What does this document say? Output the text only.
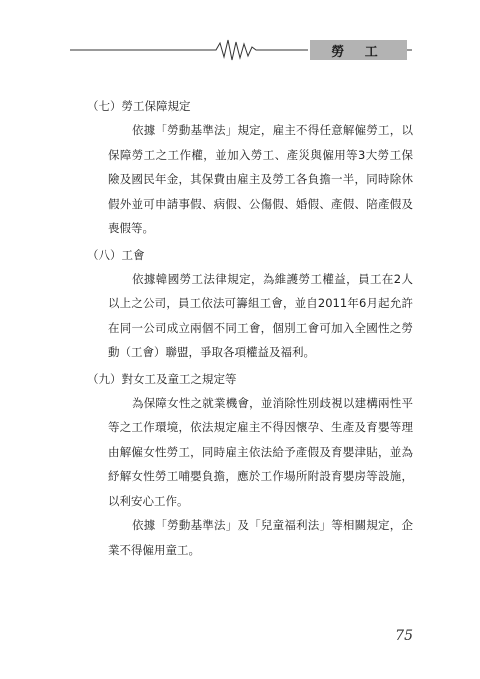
勞 工
（七）勞工保障規定

依據「勞動基準法」規定，雇主不得任意解僱勞工，以保障勞工之工作權，並加入勞工、產災與僱用等3大勞工保險及國民年金，其保費由雇主及勞工各負擔一半，同時除休假外並可申請事假、病假、公傷假、婚假、產假、陪產假及喪假等。

（八）工會

依據韓國勞工法律規定，為維護勞工權益，員工在2人以上之公司，員工依法可籌組工會，並自2011年6月起允許在同一公司成立兩個不同工會，個別工會可加入全國性之勞動（工會）聯盟，爭取各項權益及福利。

（九）對女工及童工之規定等

為保障女性之就業機會，並消除性別歧視以建構兩性平等之工作環境，依法規定雇主不得因懷孕、生產及育嬰等理由解僱女性勞工，同時雇主依法給予產假及育嬰津貼，並為紓解女性勞工哺嬰負擔，應於工作場所附設育嬰房等設施，以利安心工作。

依據「勞動基準法」及「兒童福利法」等相關規定，企業不得僱用童工。

75
